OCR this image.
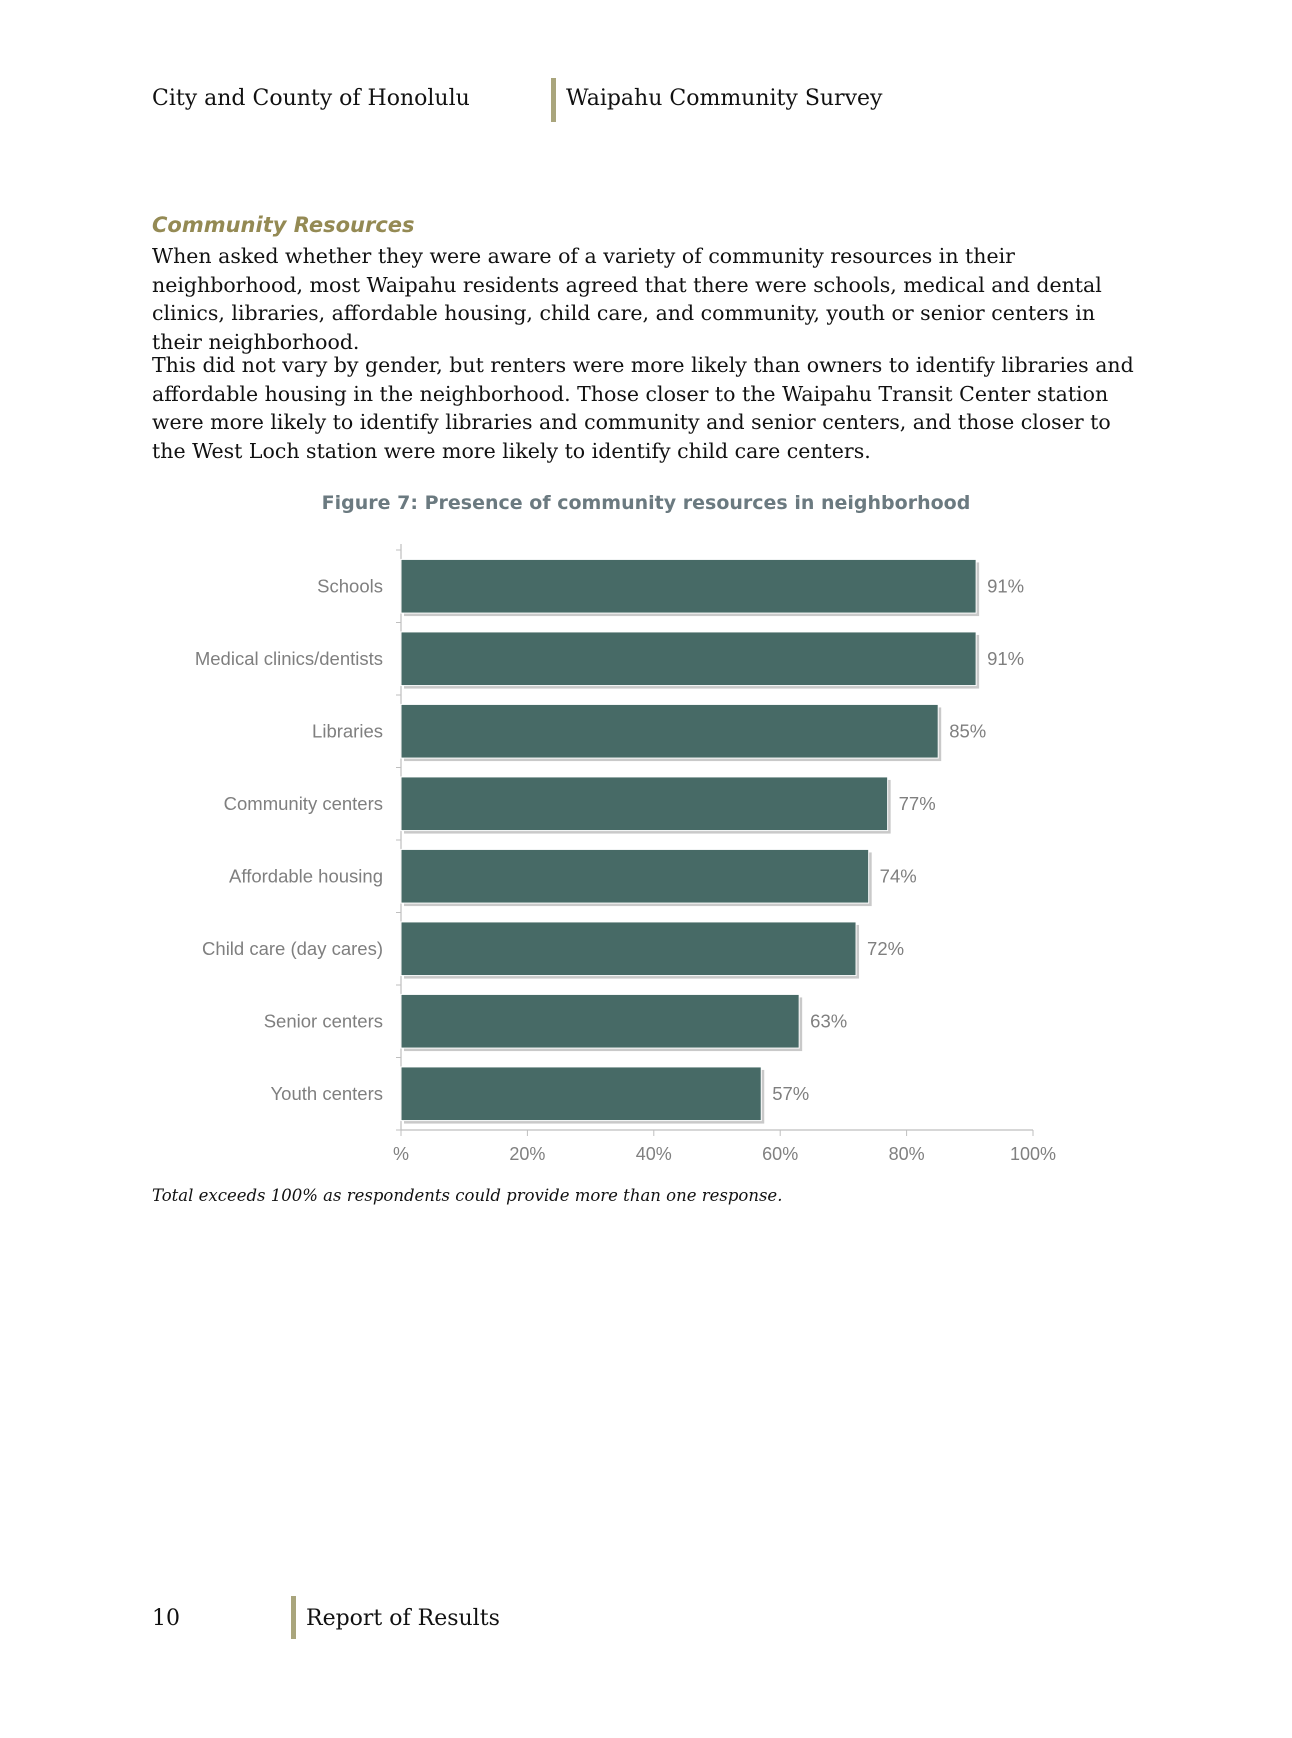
City and County of Honolulu	Waipahu Community Survey
Community Resources

When asked whether they were aware of a variety of community resources in their neighborhood, most Waipahu residents agreed that there were schools, medical and dental clinics, libraries, affordable housing, child care, and community, youth or senior centers in their neighborhood.

This did not vary by gender, but renters were more likely than owners to identify libraries and affordable housing in the neighborhood. Those closer to the Waipahu Transit Center station were more likely to identify libraries and community and senior centers, and those closer to the West Loch station were more likely to identify child care centers.

Figure 7: Presence of community resources in neighborhood
%	20%	40%	60%	80%	100%
Schools	91%
Medical clinics/dentists	91%
Libraries	85%
Community centers	77%
Affordable housing	74%
Child care (day cares)	72%
Senior centers	63%
Youth centers	57%
Total exceeds 100% as respondents could provide more than one response.
10	Report of Results
